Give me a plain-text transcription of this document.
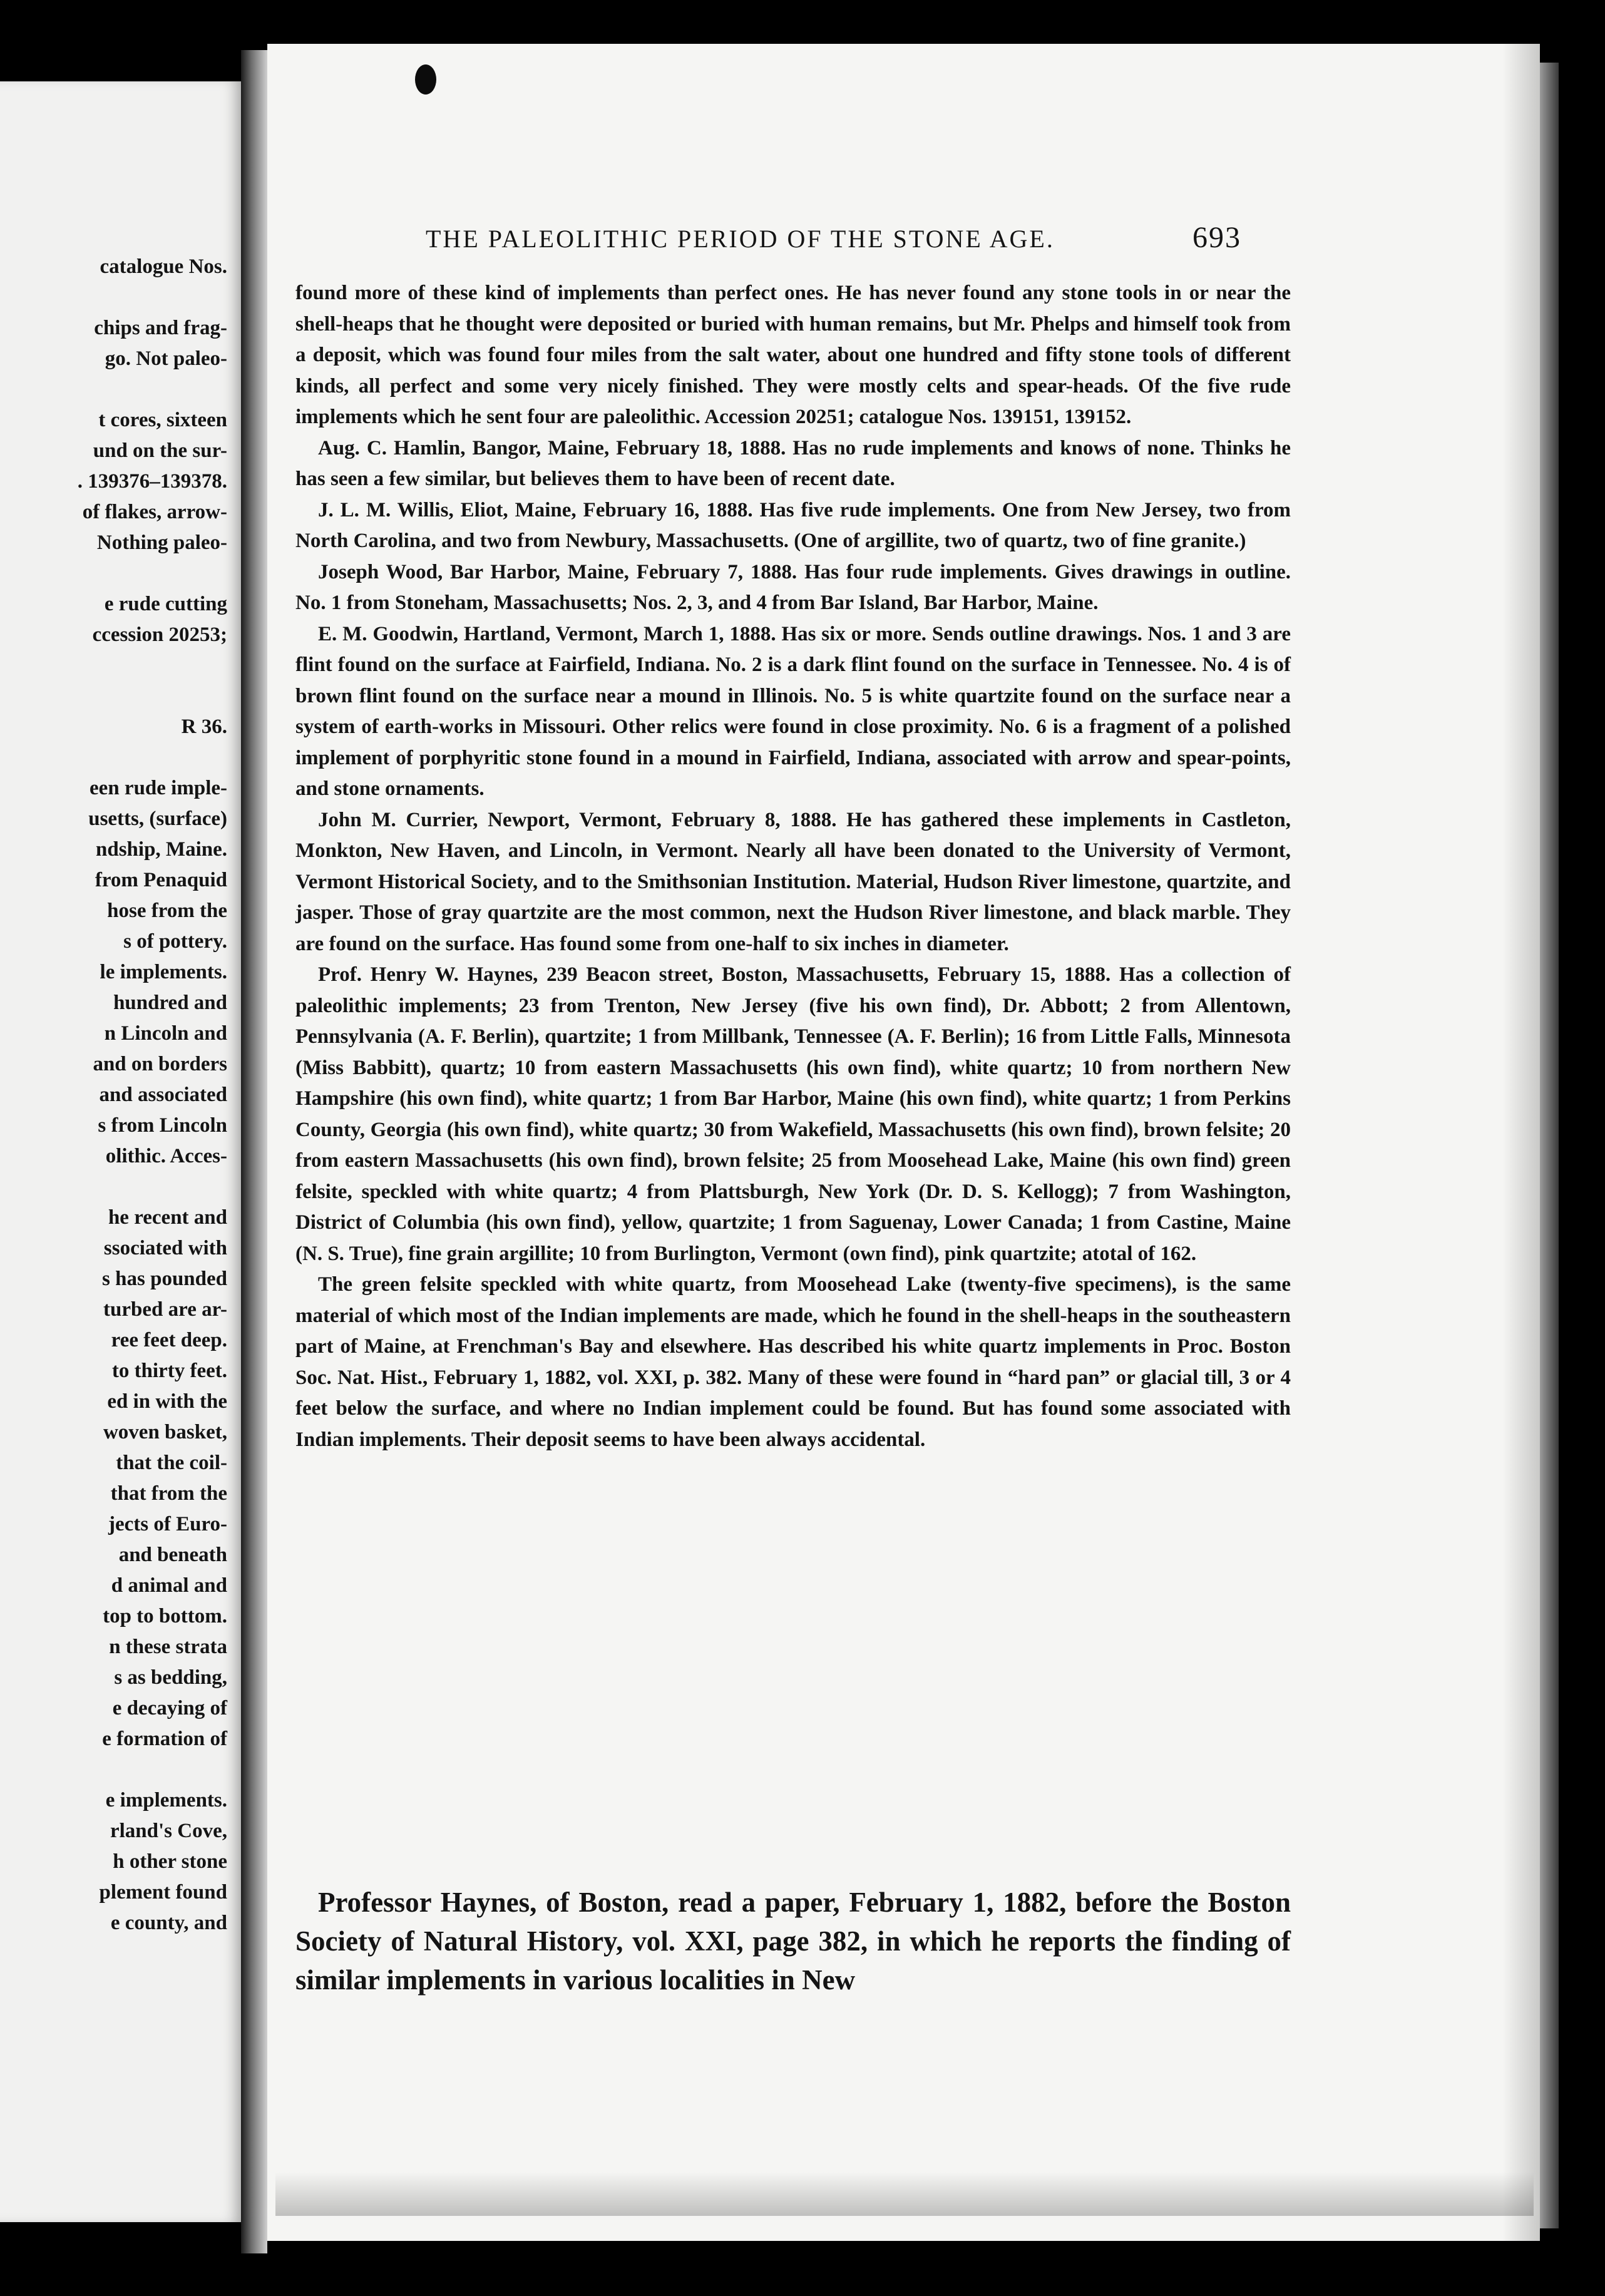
catalogue Nos.
chips and frag-
go. Not paleo-
t cores, sixteen
und on the sur-
. 139376–139378.
of flakes, arrow-
Nothing paleo-
e rude cutting
ccession 20253;
R 36.
een rude imple-
usetts, (surface)
ndship, Maine.
from Penaquid
hose from the
s of pottery.
le implements.
hundred and
n Lincoln and
and on borders
and associated
s from Lincoln
olithic. Acces-
he recent and
ssociated with
s has pounded
turbed are ar-
ree feet deep.
to thirty feet.
ed in with the
woven basket,
that the coil-
that from the
jects of Euro-
and beneath
d animal and
top to bottom.
n these strata
s as bedding,
e decaying of
e formation of
e implements.
rland's Cove,
h other stone
plement found
e county, and
THE PALEOLITHIC PERIOD OF THE STONE AGE.	693

found more of these kind of implements than perfect ones. He has never found any stone tools in or near the shell-heaps that he thought were deposited or buried with human remains, but Mr. Phelps and himself took from a deposit, which was found four miles from the salt water, about one hundred and fifty stone tools of different kinds, all perfect and some very nicely finished. They were mostly celts and spear-heads. Of the five rude implements which he sent four are paleolithic. Accession 20251; catalogue Nos. 139151, 139152.

Aug. C. Hamlin, Bangor, Maine, February 18, 1888. Has no rude implements and knows of none. Thinks he has seen a few similar, but believes them to have been of recent date.

J. L. M. Willis, Eliot, Maine, February 16, 1888. Has five rude implements. One from New Jersey, two from North Carolina, and two from Newbury, Massachusetts. (One of argillite, two of quartz, two of fine granite.)

Joseph Wood, Bar Harbor, Maine, February 7, 1888. Has four rude implements. Gives drawings in outline. No. 1 from Stoneham, Massachusetts; Nos. 2, 3, and 4 from Bar Island, Bar Harbor, Maine.

E. M. Goodwin, Hartland, Vermont, March 1, 1888. Has six or more. Sends outline drawings. Nos. 1 and 3 are flint found on the surface at Fairfield, Indiana. No. 2 is a dark flint found on the surface in Tennessee. No. 4 is of brown flint found on the surface near a mound in Illinois. No. 5 is white quartzite found on the surface near a system of earth-works in Missouri. Other relics were found in close proximity. No. 6 is a fragment of a polished implement of porphyritic stone found in a mound in Fairfield, Indiana, associated with arrow and spear-points, and stone ornaments.

John M. Currier, Newport, Vermont, February 8, 1888. He has gathered these implements in Castleton, Monkton, New Haven, and Lincoln, in Vermont. Nearly all have been donated to the University of Vermont, Vermont Historical Society, and to the Smithsonian Institution. Material, Hudson River limestone, quartzite, and jasper. Those of gray quartzite are the most common, next the Hudson River limestone, and black marble. They are found on the surface. Has found some from one-half to six inches in diameter.

Prof. Henry W. Haynes, 239 Beacon street, Boston, Massachusetts, February 15, 1888. Has a collection of paleolithic implements; 23 from Trenton, New Jersey (five his own find), Dr. Abbott; 2 from Allentown, Pennsylvania (A. F. Berlin), quartzite; 1 from Millbank, Tennessee (A. F. Berlin); 16 from Little Falls, Minnesota (Miss Babbitt), quartz; 10 from eastern Massachusetts (his own find), white quartz; 10 from northern New Hampshire (his own find), white quartz; 1 from Bar Harbor, Maine (his own find), white quartz; 1 from Perkins County, Georgia (his own find), white quartz; 30 from Wakefield, Massachusetts (his own find), brown felsite; 20 from eastern Massachusetts (his own find), brown felsite; 25 from Moosehead Lake, Maine (his own find) green felsite, speckled with white quartz; 4 from Plattsburgh, New York (Dr. D. S. Kellogg); 7 from Washington, District of Columbia (his own find), yellow, quartzite; 1 from Saguenay, Lower Canada; 1 from Castine, Maine (N. S. True), fine grain argillite; 10 from Burlington, Vermont (own find), pink quartzite; atotal of 162.

The green felsite speckled with white quartz, from Moosehead Lake (twenty-five specimens), is the same material of which most of the Indian implements are made, which he found in the shell-heaps in the southeastern part of Maine, at Frenchman's Bay and elsewhere. Has described his white quartz implements in Proc. Boston Soc. Nat. Hist., February 1, 1882, vol. XXI, p. 382. Many of these were found in “hard pan” or glacial till, 3 or 4 feet below the surface, and where no Indian implement could be found. But has found some associated with Indian implements. Their deposit seems to have been always accidental.

Professor Haynes, of Boston, read a paper, February 1, 1882, before the Boston Society of Natural History, vol. XXI, page 382, in which he reports the finding of similar implements in various localities in New
